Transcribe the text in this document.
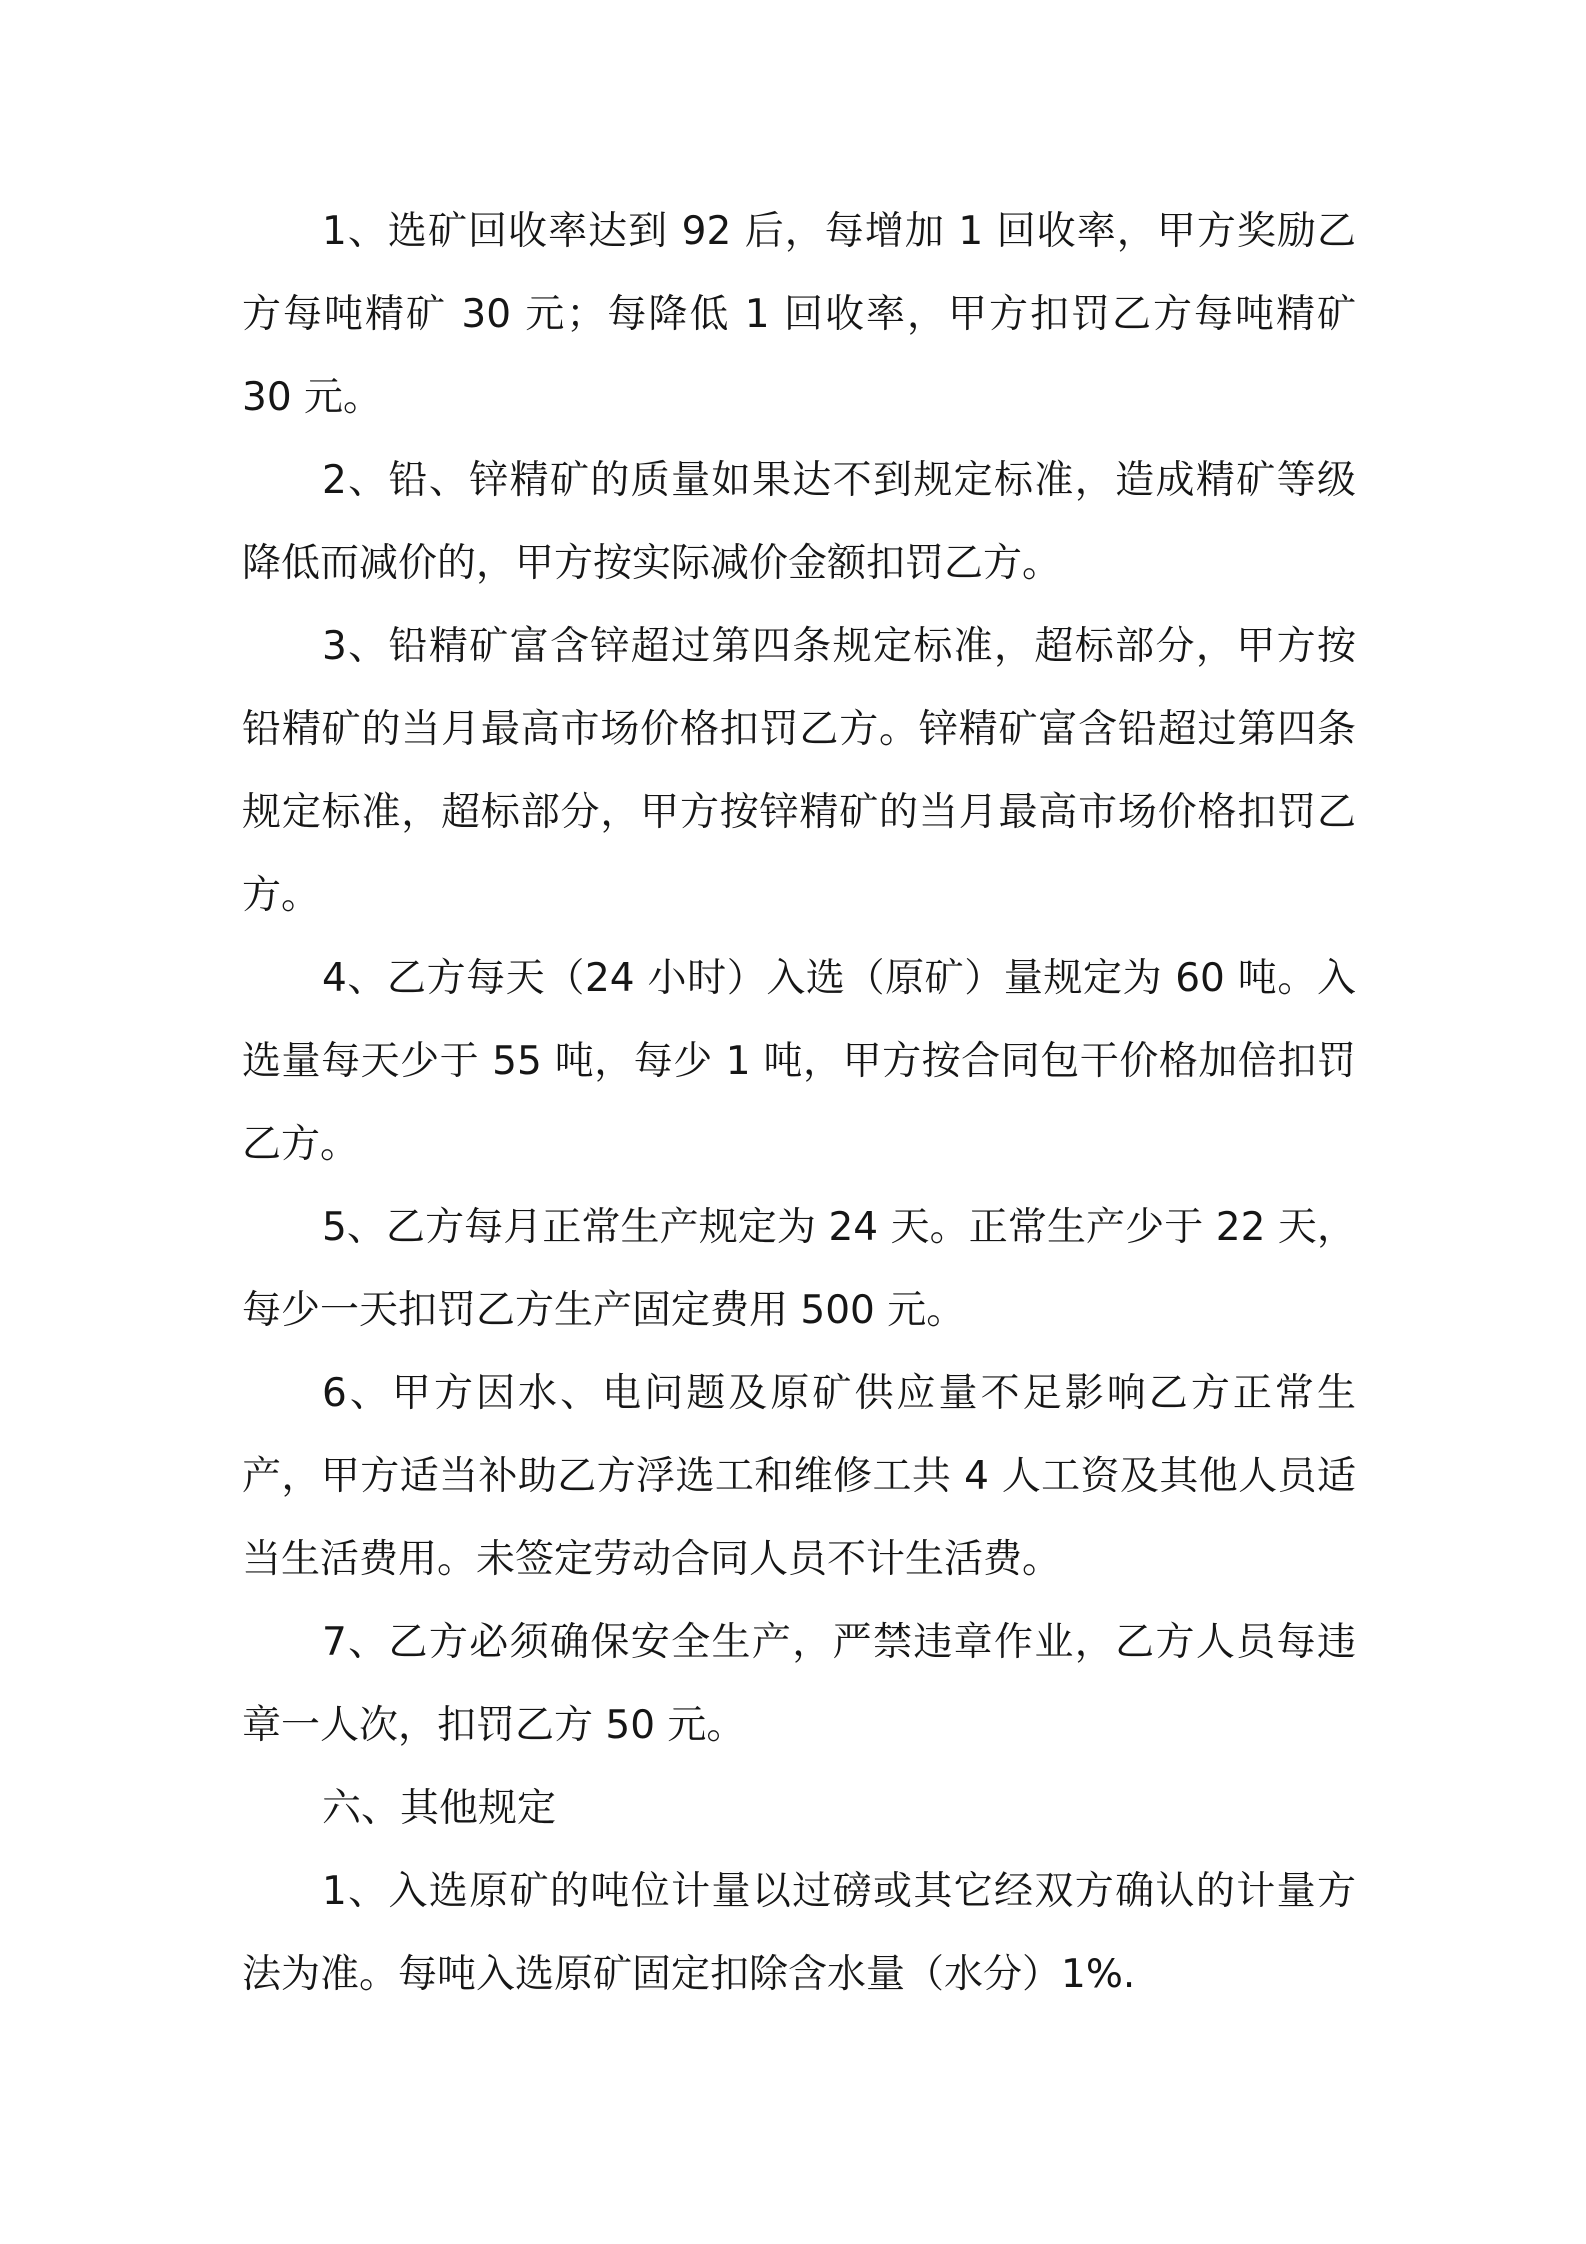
1、选矿回收率达到 92 后，每增加 1 回收率，甲方奖励乙方每吨精矿 30 元；每降低 1 回收率，甲方扣罚乙方每吨精矿 30 元。

2、铅、锌精矿的质量如果达不到规定标准，造成精矿等级降低而减价的，甲方按实际减价金额扣罚乙方。

3、铅精矿富含锌超过第四条规定标准，超标部分，甲方按铅精矿的当月最高市场价格扣罚乙方。锌精矿富含铅超过第四条规定标准，超标部分，甲方按锌精矿的当月最高市场价格扣罚乙方。

4、乙方每天（24 小时）入选（原矿）量规定为 60 吨。入选量每天少于 55 吨，每少 1 吨，甲方按合同包干价格加倍扣罚乙方。

5、乙方每月正常生产规定为 24 天。正常生产少于 22 天，每少一天扣罚乙方生产固定费用 500 元。

6、甲方因水、电问题及原矿供应量不足影响乙方正常生产，甲方适当补助乙方浮选工和维修工共 4 人工资及其他人员适当生活费用。未签定劳动合同人员不计生活费。

7、乙方必须确保安全生产，严禁违章作业，乙方人员每违章一人次，扣罚乙方 50 元。

六、其他规定

1、入选原矿的吨位计量以过磅或其它经双方确认的计量方法为准。每吨入选原矿固定扣除含水量（水分）1%.
